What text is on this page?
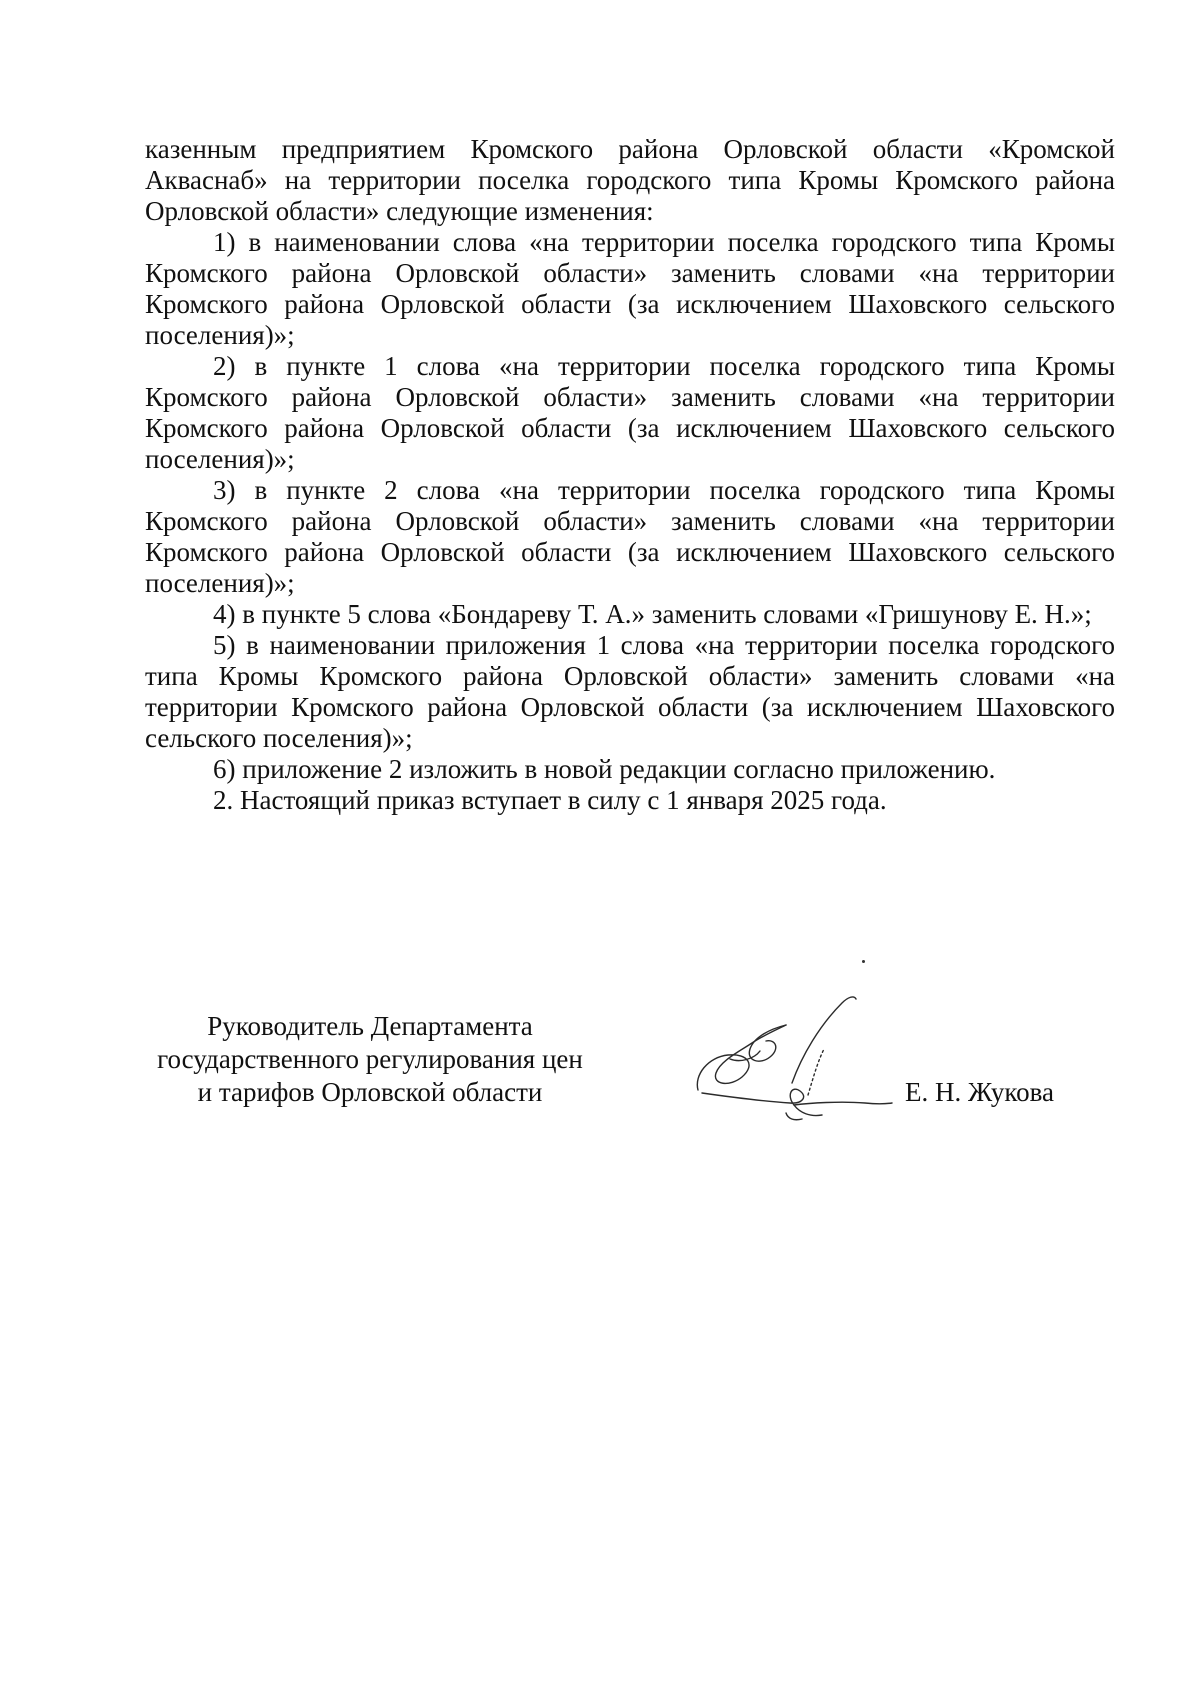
казенным предприятием Кромского района Орловской области «Кромской Акваснаб» на территории поселка городского типа Кромы Кромского района Орловской области» следующие изменения:

1) в наименовании слова «на территории поселка городского типа Кромы Кромского района Орловской области» заменить словами «на территории Кромского района Орловской области (за исключением Шаховского сельского поселения)»;

2) в пункте 1 слова «на территории поселка городского типа Кромы Кромского района Орловской области» заменить словами «на территории Кромского района Орловской области (за исключением Шаховского сельского поселения)»;

3) в пункте 2 слова «на территории поселка городского типа Кромы Кромского района Орловской области» заменить словами «на территории Кромского района Орловской области (за исключением Шаховского сельского поселения)»;

4) в пункте 5 слова «Бондареву Т. А.» заменить словами «Гришунову Е. Н.»;

5) в наименовании приложения 1 слова «на территории поселка городского типа Кромы Кромского района Орловской области» заменить словами «на территории Кромского района Орловской области (за исключением Шаховского сельского поселения)»;

6) приложение 2 изложить в новой редакции согласно приложению.

2. Настоящий приказ вступает в силу с 1 января 2025 года.

Руководитель Департамента
государственного регулирования цен
и тарифов Орловской области	Е. Н. Жукова
